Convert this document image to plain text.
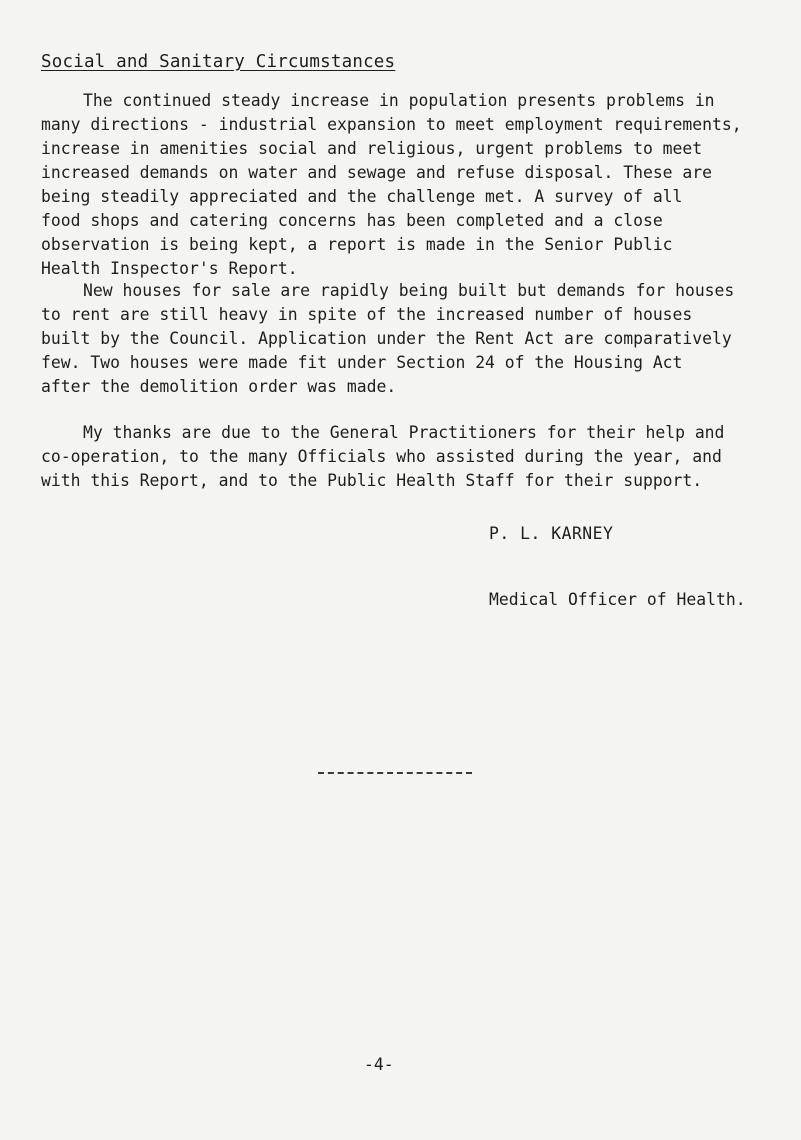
Social and Sanitary Circumstances
The continued steady increase in population presents problems in
many directions - industrial expansion to meet employment requirements,
increase in amenities social and religious, urgent problems to meet
increased demands on water and sewage and refuse disposal. These are
being steadily appreciated and the challenge met. A survey of all
food shops and catering concerns has been completed and a close
observation is being kept, a report is made in the Senior Public
Health Inspector's Report.
New houses for sale are rapidly being built but demands for houses
to rent are still heavy in spite of the increased number of houses
built by the Council. Application under the Rent Act are comparatively
few. Two houses were made fit under Section 24 of the Housing Act
after the demolition order was made.
My thanks are due to the General Practitioners for their help and
co-operation, to the many Officials who assisted during the year, and
with this Report, and to the Public Health Staff for their support.
P. L. KARNEY
Medical Officer of Health.
-4-
